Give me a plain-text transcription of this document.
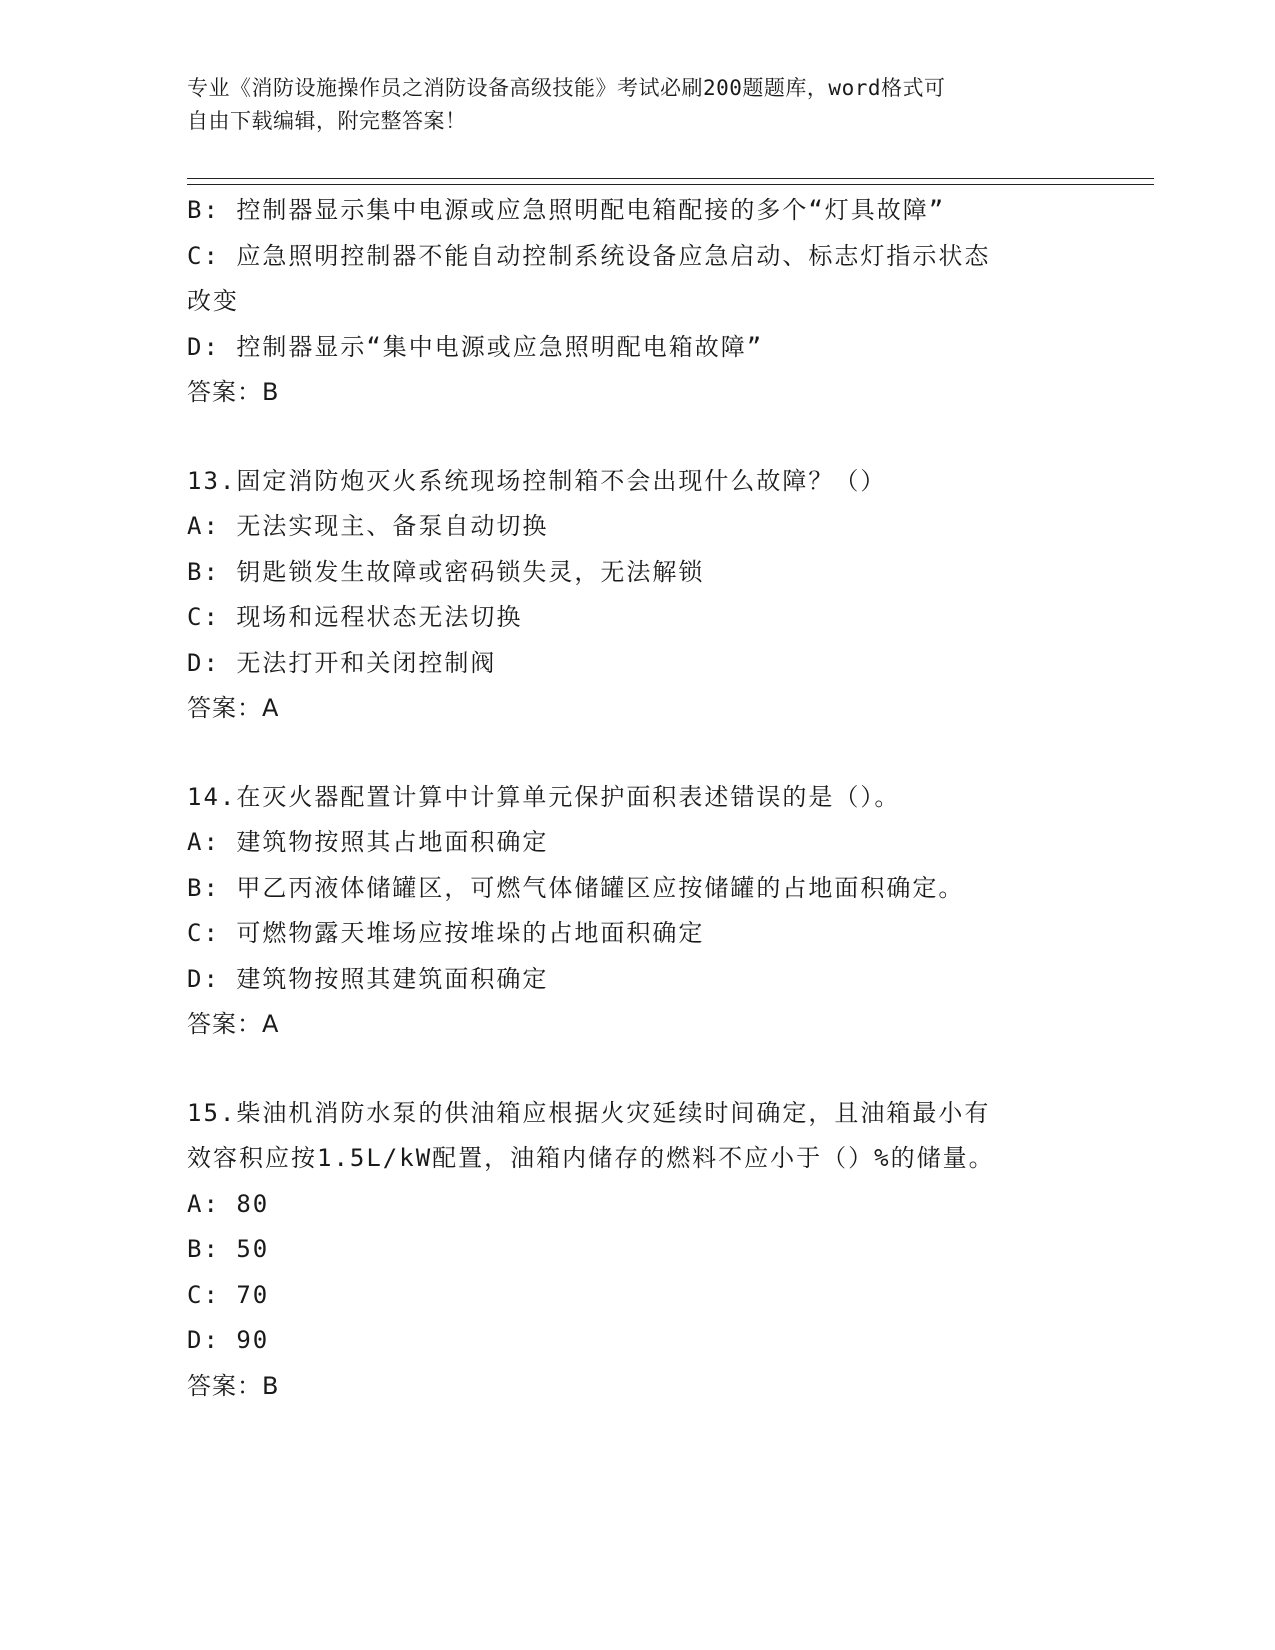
专业《消防设施操作员之消防设备高级技能》考试必刷200题题库，word格式可
自由下载编辑，附完整答案！
B: 控制器显示集中电源或应急照明配电箱配接的多个“灯具故障”
C: 应急照明控制器不能自动控制系统设备应急启动、标志灯指示状态
改变
D: 控制器显示“集中电源或应急照明配电箱故障”
答案：B
13.固定消防炮灭火系统现场控制箱不会出现什么故障？（）
A: 无法实现主、备泵自动切换
B: 钥匙锁发生故障或密码锁失灵，无法解锁
C: 现场和远程状态无法切换
D: 无法打开和关闭控制阀
答案：A
14.在灭火器配置计算中计算单元保护面积表述错误的是（）。
A: 建筑物按照其占地面积确定
B: 甲乙丙液体储罐区，可燃气体储罐区应按储罐的占地面积确定。
C: 可燃物露天堆场应按堆垛的占地面积确定
D: 建筑物按照其建筑面积确定
答案：A
15.柴油机消防水泵的供油箱应根据火灾延续时间确定，且油箱最小有
效容积应按1.5L/kW配置，油箱内储存的燃料不应小于（）%的储量。
A: 80
B: 50
C: 70
D: 90
答案：B
